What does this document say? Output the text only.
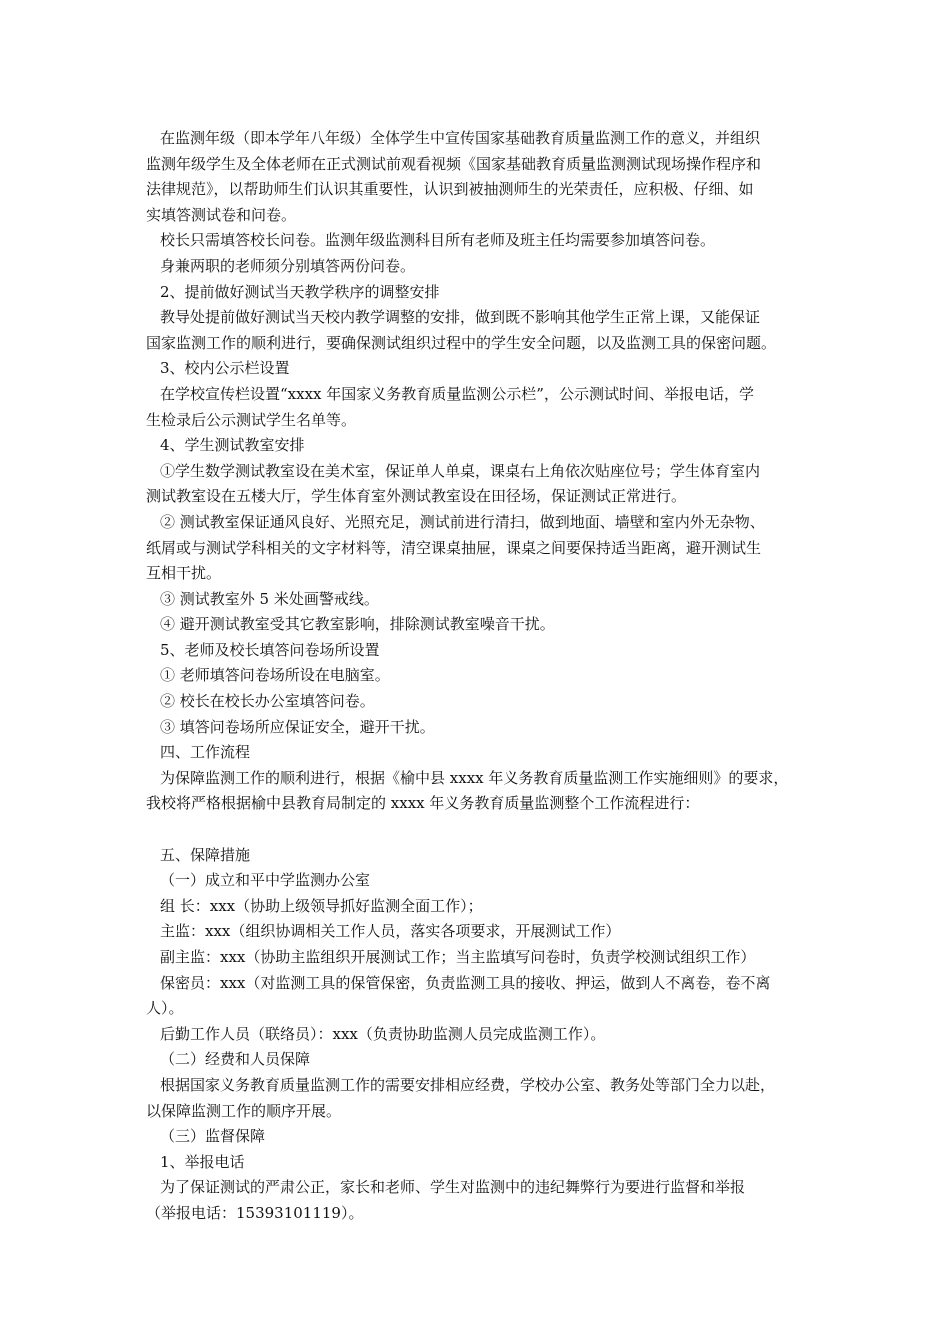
在监测年级（即本学年八年级）全体学生中宣传国家基础教育质量监测工作的意义，并组织
监测年级学生及全体老师在正式测试前观看视频《国家基础教育质量监测测试现场操作程序和
法律规范》，以帮助师生们认识其重要性，认识到被抽测师生的光荣责任，应积极、仔细、如
实填答测试卷和问卷。
校长只需填答校长问卷。监测年级监测科目所有老师及班主任均需要参加填答问卷。
身兼两职的老师须分别填答两份问卷。
2、提前做好测试当天教学秩序的调整安排
教导处提前做好测试当天校内教学调整的安排，做到既不影响其他学生正常上课，又能保证
国家监测工作的顺利进行，要确保测试组织过程中的学生安全问题，以及监测工具的保密问题。
3、校内公示栏设置
在学校宣传栏设置“xxxx 年国家义务教育质量监测公示栏”，公示测试时间、举报电话，学
生检录后公示测试学生名单等。
4、学生测试教室安排
①学生数学测试教室设在美术室，保证单人单桌，课桌右上角依次贴座位号；学生体育室内
测试教室设在五楼大厅，学生体育室外测试教室设在田径场，保证测试正常进行。
② 测试教室保证通风良好、光照充足，测试前进行清扫，做到地面、墙壁和室内外无杂物、
纸屑或与测试学科相关的文字材料等，清空课桌抽屉，课桌之间要保持适当距离，避开测试生
互相干扰。
③ 测试教室外 5 米处画警戒线。
④ 避开测试教室受其它教室影响，排除测试教室噪音干扰。
5、老师及校长填答问卷场所设置
① 老师填答问卷场所设在电脑室。
② 校长在校长办公室填答问卷。
③ 填答问卷场所应保证安全，避开干扰。
四、工作流程
为保障监测工作的顺利进行，根据《榆中县 xxxx 年义务教育质量监测工作实施细则》的要求，
我校将严格根据榆中县教育局制定的 xxxx 年义务教育质量监测整个工作流程进行：
五、保障措施
（一）成立和平中学监测办公室
组 长：xxx（协助上级领导抓好监测全面工作）；
主监：xxx（组织协调相关工作人员，落实各项要求，开展测试工作）
副主监：xxx（协助主监组织开展测试工作；当主监填写问卷时，负责学校测试组织工作）
保密员：xxx（对监测工具的保管保密，负责监测工具的接收、押运，做到人不离卷，卷不离
人）。
后勤工作人员（联络员）：xxx（负责协助监测人员完成监测工作）。
（二）经费和人员保障
根据国家义务教育质量监测工作的需要安排相应经费，学校办公室、教务处等部门全力以赴，
以保障监测工作的顺序开展。
（三）监督保障
1、举报电话
为了保证测试的严肃公正，家长和老师、学生对监测中的违纪舞弊行为要进行监督和举报
（举报电话：15393101119）。
